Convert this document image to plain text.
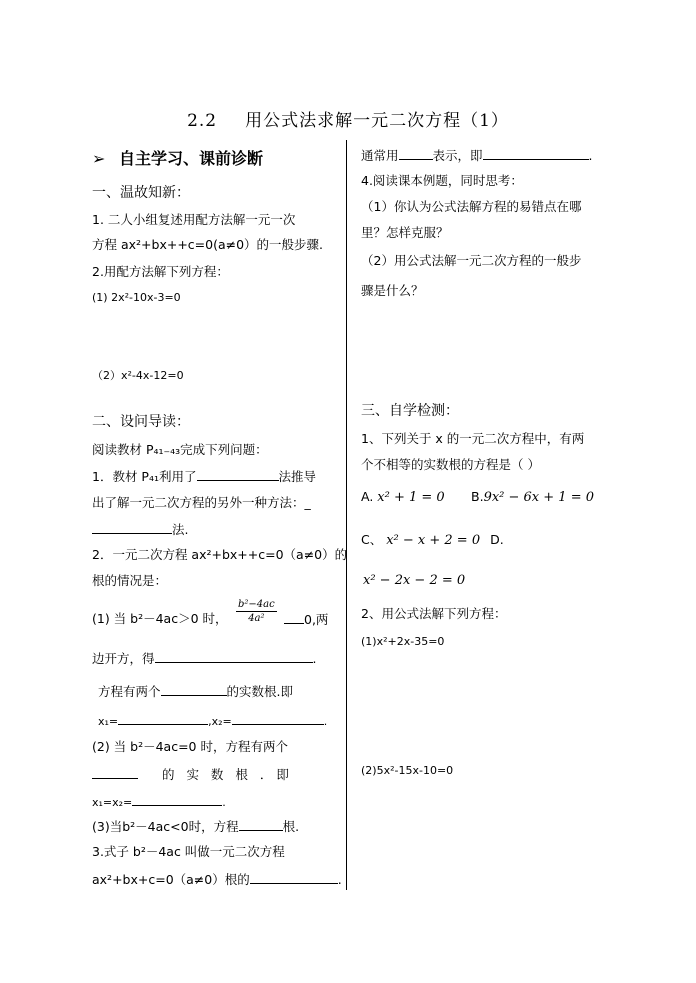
2.2 用公式法求解一元二次方程（1）
➢ 自主学习、课前诊断
一、温故知新：
1. 二人小组复述用配方法解一元一次
方程 ax²+bx++c=0(a≠0）的一般步骤.
2.用配方法解下列方程：
(1) 2x²-10x-3=0
（2）x²-4x-12=0
二、设问导读：
阅读教材 P₄₁₋₄₃完成下列问题：
1．教材 P₄₁利用了	法推导
出了解一元二次方程的另外一种方法：_
法.
2．一元二次方程 ax²+bx++c=0（a≠0）的
根的情况是：
(1) 当 b²－4ac＞0 时， $\frac{\text{b²−4ac}}{\text{4a²}}$	0,两
边开方，得	.
方程有两个	的实数根.即
x₁=	,x₂=	.
(2) 当 b²－4ac=0 时，方程有两个
的 实 数 根 ．即
x₁=x₂=	.
(3)当b²－4ac<0时，方程	根.
3.式子 b²－4ac 叫做一元二次方程
ax²+bx+c=0（a≠0）根的	.
通常用	表示，即	.
4.阅读课本例题，同时思考：
（1）你认为公式法解方程的易错点在哪
里？怎样克服？
（2）用公式法解一元二次方程的一般步
骤是什么？
三、自学检测：
1、下列关于 x 的一元二次方程中，有两
个不相等的实数根的方程是（ ）
A. x² + 1 = 0 B.9x² − 6x + 1 = 0
C、 x² − x + 2 = 0 D.
x² − 2x − 2 = 0
2、用公式法解下列方程：
(1)x²+2x-35=0
(2)5x²-15x-10=0
